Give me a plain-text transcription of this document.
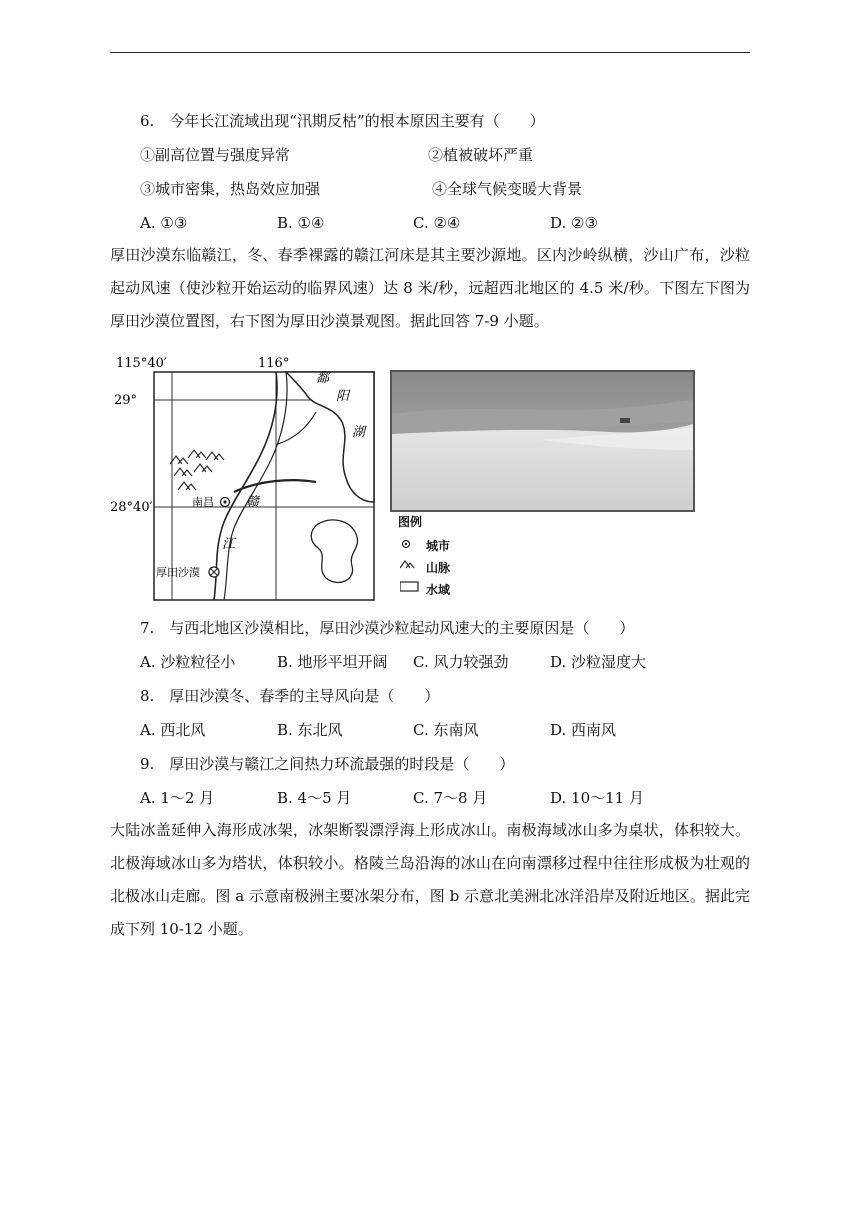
6.　今年长江流域出现“汛期反枯”的根本原因主要有（　　）
①副高位置与强度异常	②植被破坏严重
③城市密集，热岛效应加强	④全球气候变暖大背景
A. ①③	B. ①④	C. ②④	D. ②③
厚田沙漠东临赣江，冬、春季裸露的赣江河床是其主要沙源地。区内沙岭纵横，沙山广布，沙粒起动风速（使沙粒开始运动的临界风速）达 8 米/秒，远超西北地区的 4.5 米/秒。下图左下图为厚田沙漠位置图，右下图为厚田沙漠景观图。据此回答 7-9 小题。
115°40′	116°
29°
28°40′
鄱
阳
湖
南昌 赣
江
厚田沙漠
图例
城市
山脉
水域
7.　与西北地区沙漠相比，厚田沙漠沙粒起动风速大的主要原因是（　　）
A. 沙粒粒径小	B. 地形平坦开阔 C. 风力较强劲	D. 沙粒湿度大
8.　厚田沙漠冬、春季的主导风向是（　　）
A. 西北风	B. 东北风	C. 东南风	D. 西南风
9.　厚田沙漠与赣江之间热力环流最强的时段是（　　）
A. 1～2 月	B. 4～5 月	C. 7～8 月	D. 10～11 月
大陆冰盖延伸入海形成冰架，冰架断裂漂浮海上形成冰山。南极海域冰山多为桌状，体积较大。北极海域冰山多为塔状，体积较小。格陵兰岛沿海的冰山在向南漂移过程中往往形成极为壮观的北极冰山走廊。图 a 示意南极洲主要冰架分布，图 b 示意北美洲北冰洋沿岸及附近地区。据此完成下列 10-12 小题。
